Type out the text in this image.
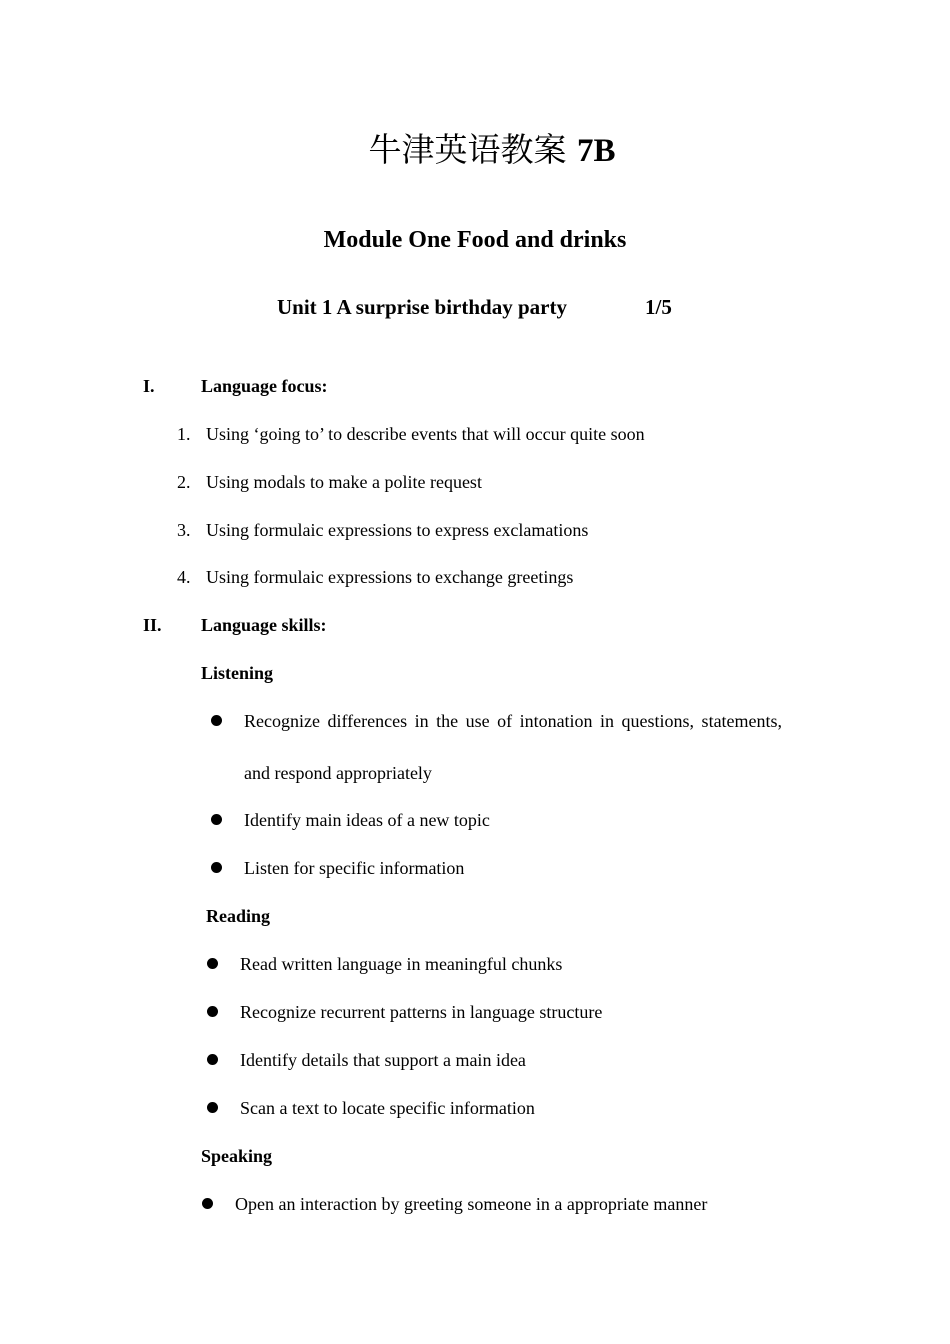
牛津英语教案 7B
Module One Food and drinks
Unit 1 A surprise birthday party	1/5
I.	Language focus:
1. Using ‘going to’ to describe events that will occur quite soon
2. Using modals to make a polite request
3. Using formulaic expressions to express exclamations
4. Using formulaic expressions to exchange greetings
II. Language skills:
Listening
Recognize differences in the use of intonation in questions, statements,
and respond appropriately
Identify main ideas of a new topic
Listen for specific information
Reading
Read written language in meaningful chunks
Recognize recurrent patterns in language structure
Identify details that support a main idea
Scan a text to locate specific information
Speaking
Open an interaction by greeting someone in a appropriate manner
